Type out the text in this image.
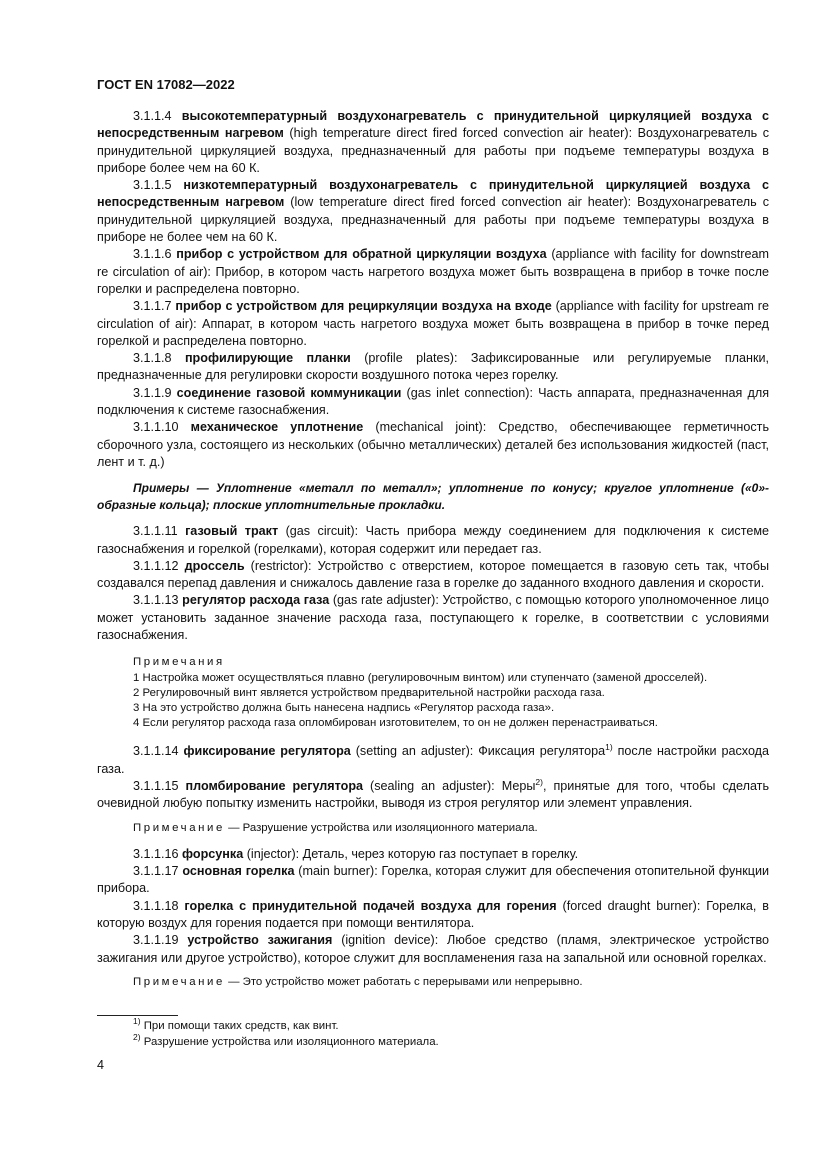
ГОСТ EN 17082—2022

3.1.1.4 высокотемпературный воздухонагреватель с принудительной циркуляцией воздуха с непосредственным нагревом (high temperature direct fired forced convection air heater): Воздухонагреватель с принудительной циркуляцией воздуха, предназначенный для работы при подъеме температуры воздуха в приборе более чем на 60 К.

3.1.1.5 низкотемпературный воздухонагреватель с принудительной циркуляцией воздуха с непосредственным нагревом (low temperature direct fired forced convection air heater): Воздухонагреватель с принудительной циркуляцией воздуха, предназначенный для работы при подъеме температуры воздуха в приборе не более чем на 60 К.

3.1.1.6 прибор с устройством для обратной циркуляции воздуха (appliance with facility for downstream re circulation of air): Прибор, в котором часть нагретого воздуха может быть возвращена в прибор в точке после горелки и распределена повторно.

3.1.1.7 прибор с устройством для рециркуляции воздуха на входе (appliance with facility for upstream re circulation of air): Аппарат, в котором часть нагретого воздуха может быть возвращена в прибор в точке перед горелкой и распределена повторно.

3.1.1.8 профилирующие планки (profile plates): Зафиксированные или регулируемые планки, предназначенные для регулировки скорости воздушного потока через горелку.

3.1.1.9 соединение газовой коммуникации (gas inlet connection): Часть аппарата, предназначенная для подключения к системе газоснабжения.

3.1.1.10 механическое уплотнение (mechanical joint): Средство, обеспечивающее герметичность сборочного узла, состоящего из нескольких (обычно металлических) деталей без использования жидкостей (паст, лент и т. д.)

Примеры — Уплотнение «металл по металл»; уплотнение по конусу; круглое уплотнение («0»-образные кольца); плоские уплотнительные прокладки.

3.1.1.11 газовый тракт (gas circuit): Часть прибора между соединением для подключения к системе газоснабжения и горелкой (горелками), которая содержит или передает газ.

3.1.1.12 дроссель (restrictor): Устройство с отверстием, которое помещается в газовую сеть так, чтобы создавался перепад давления и снижалось давление газа в горелке до заданного входного давления и скорости.

3.1.1.13 регулятор расхода газа (gas rate adjuster): Устройство, с помощью которого уполномоченное лицо может установить заданное значение расхода газа, поступающего к горелке, в соответствии с условиями газоснабжения.

Примечания
1 Настройка может осуществляться плавно (регулировочным винтом) или ступенчато (заменой дросселей).
2 Регулировочный винт является устройством предварительной настройки расхода газа.
3 На это устройство должна быть нанесена надпись «Регулятор расхода газа».
4 Если регулятор расхода газа опломбирован изготовителем, то он не должен перенастраиваться.

3.1.1.14 фиксирование регулятора (setting an adjuster): Фиксация регулятора$^{1)}$ после настройки расхода газа.

3.1.1.15 пломбирование регулятора (sealing an adjuster): Меры$^{2)}$, принятые для того, чтобы сделать очевидной любую попытку изменить настройки, выводя из строя регулятор или элемент управления.

Примечание — Разрушение устройства или изоляционного материала.

3.1.1.16 форсунка (injector): Деталь, через которую газ поступает в горелку.

3.1.1.17 основная горелка (main burner): Горелка, которая служит для обеспечения отопительной функции прибора.

3.1.1.18 горелка с принудительной подачей воздуха для горения (forced draught burner): Горелка, в которую воздух для горения подается при помощи вентилятора.

3.1.1.19 устройство зажигания (ignition device): Любое средство (пламя, электрическое устройство зажигания или другое устройство), которое служит для воспламенения газа на запальной или основной горелках.

Примечание — Это устройство может работать с перерывами или непрерывно.
$^{1)}$ При помощи таких средств, как винт.
$^{2)}$ Разрушение устройства или изоляционного материала.
4
